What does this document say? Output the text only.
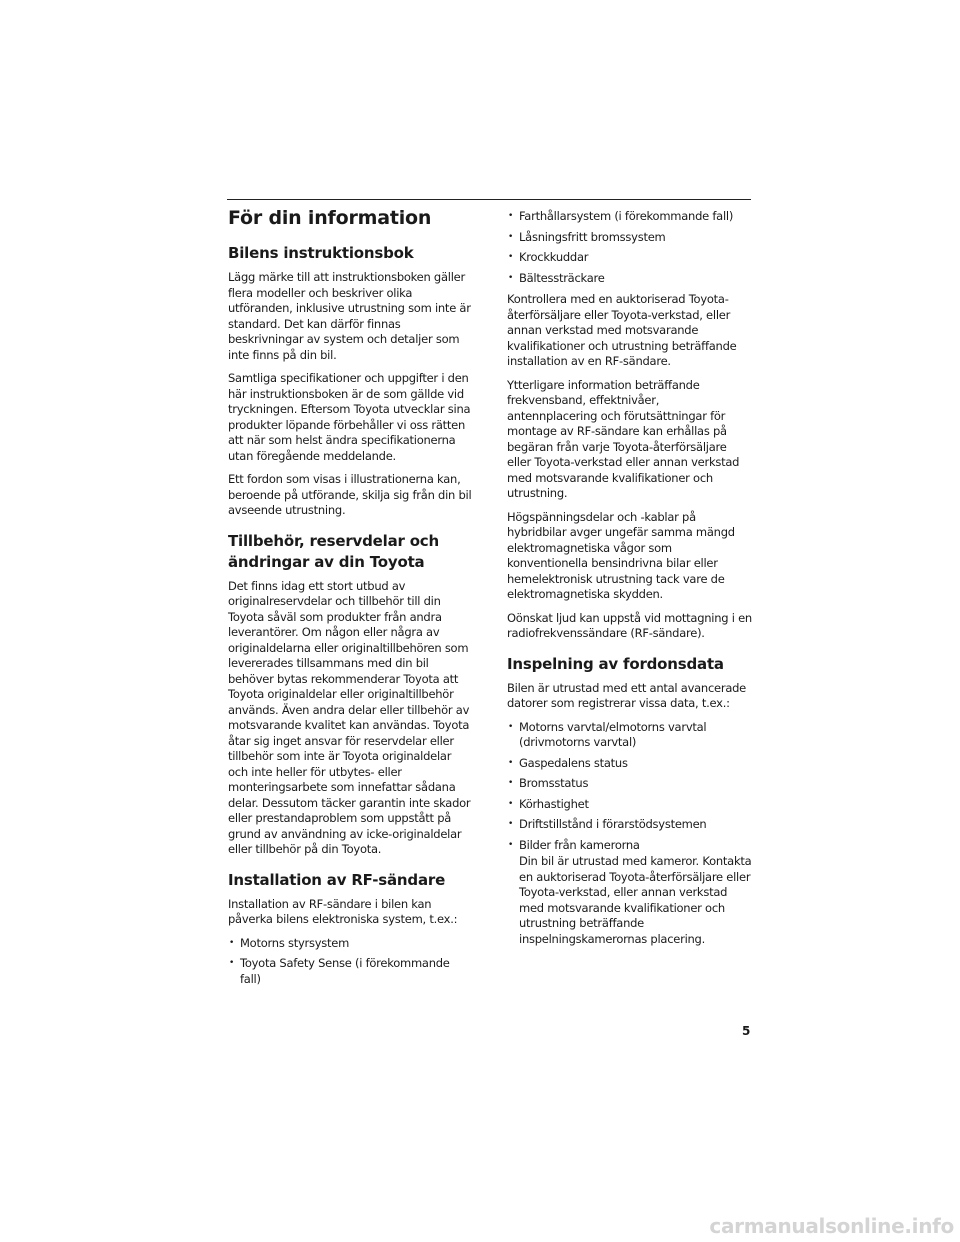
För din information
Bilens instruktionsbok

Lägg märke till att instruktionsboken gäller flera modeller och beskriver olika utföranden, inklusive utrustning som inte är standard. Det kan därför finnas beskrivningar av system och detaljer som inte finns på din bil.

Samtliga specifikationer och uppgifter i den här instruktionsboken är de som gällde vid tryckningen. Eftersom Toyota utvecklar sina produkter löpande förbehåller vi oss rätten att när som helst ändra specifikationerna utan föregående meddelande.

Ett fordon som visas i illustrationerna kan, beroende på utförande, skilja sig från din bil avseende utrustning.

Tillbehör, reservdelar och ändringar av din Toyota

Det finns idag ett stort utbud av originalreservdelar och tillbehör till din Toyota såväl som produkter från andra leverantörer. Om någon eller några av originaldelarna eller originaltillbehören som levererades tillsammans med din bil behöver bytas rekommenderar Toyota att Toyota originaldelar eller originaltillbehör används. Även andra delar eller tillbehör av motsvarande kvalitet kan användas. Toyota åtar sig inget ansvar för reservdelar eller tillbehör som inte är Toyota originaldelar och inte heller för utbytes- eller monteringsarbete som innefattar sådana delar. Dessutom täcker garantin inte skador eller prestandaproblem som uppstått på grund av användning av icke-originaldelar eller tillbehör på din Toyota.

Installation av RF-sändare

Installation av RF-sändare i bilen kan påverka bilens elektroniska system, t.ex.:

• Motorns styrsystem
• Toyota Safety Sense (i förekommande fall)
• Farthållarsystem (i förekommande fall)
• Låsningsfritt bromssystem
• Krockkuddar
• Bältessträckare

Kontrollera med en auktoriserad Toyota-återförsäljare eller Toyota-verkstad, eller annan verkstad med motsvarande kvalifikationer och utrustning beträffande installation av en RF-sändare.

Ytterligare information beträffande frekvensband, effektnivåer, antennplacering och förutsättningar för montage av RF-sändare kan erhållas på begäran från varje Toyota-återförsäljare eller Toyota-verkstad eller annan verkstad med motsvarande kvalifikationer och utrustning.

Högspänningsdelar och -kablar på hybridbilar avger ungefär samma mängd elektromagnetiska vågor som konventionella bensindrivna bilar eller hemelektronisk utrustning tack vare de elektromagnetiska skydden.

Oönskat ljud kan uppstå vid mottagning i en radiofrekvenssändare (RF-sändare).

Inspelning av fordonsdata

Bilen är utrustad med ett antal avancerade datorer som registrerar vissa data, t.ex.:

• Motorns varvtal/elmotorns varvtal (drivmotorns varvtal)
• Gaspedalens status
• Bromsstatus
• Körhastighet
• Driftstillstånd i förarstödsystemen
• Bilder från kamerorna
Din bil är utrustad med kameror. Kontakta en auktoriserad Toyota-återförsäljare eller Toyota-verkstad, eller annan verkstad med motsvarande kvalifikationer och utrustning beträffande inspelningskamerornas placering.
5
carmanualsonline.info
